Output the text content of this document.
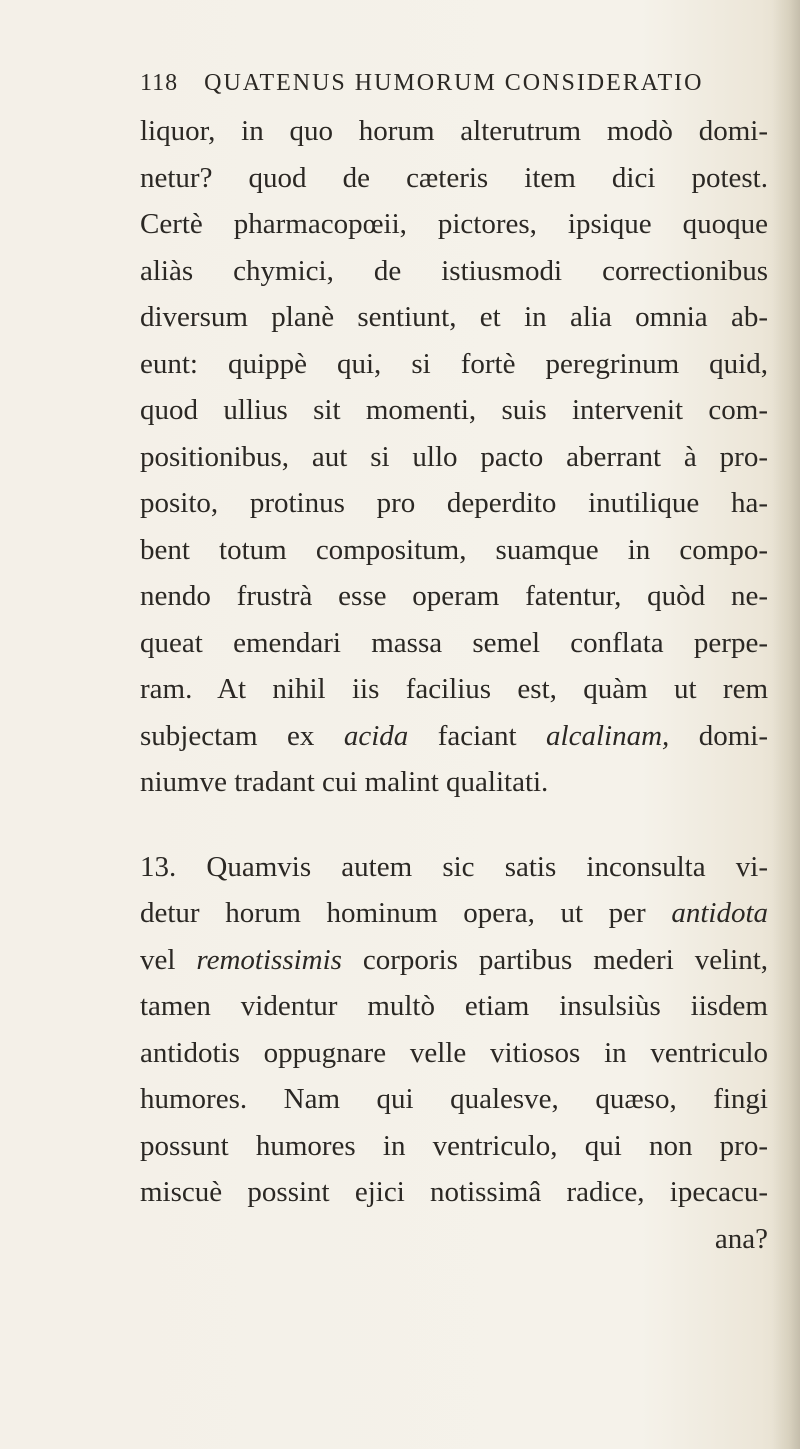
118 QUATENUS HUMORUM CONSIDERATIO
liquor, in quo horum alterutrum modò domi-
netur? quod de cæteris item dici potest.
Certè pharmacopœii, pictores, ipsique quoque
aliàs chymici, de istiusmodi correctionibus
diversum planè sentiunt, et in alia omnia ab-
eunt: quippè qui, si fortè peregrinum quid,
quod ullius sit momenti, suis intervenit com-
positionibus, aut si ullo pacto aberrant à pro-
posito, protinus pro deperdito inutilique ha-
bent totum compositum, suamque in compo-
nendo frustrà esse operam fatentur, quòd ne-
queat emendari massa semel conflata perpe-
ram. At nihil iis facilius est, quàm ut rem
subjectam ex acida faciant alcalinam, domi-
niumve tradant cui malint qualitati.
13. Quamvis autem sic satis inconsulta vi-
detur horum hominum opera, ut per antidota
vel remotissimis corporis partibus mederi velint,
tamen videntur multò etiam insulsiùs iisdem
antidotis oppugnare velle vitiosos in ventriculo
humores. Nam qui qualesve, quæso, fingi
possunt humores in ventriculo, qui non pro-
miscuè possint ejici notissimâ radice, ipecacu-
ana?
